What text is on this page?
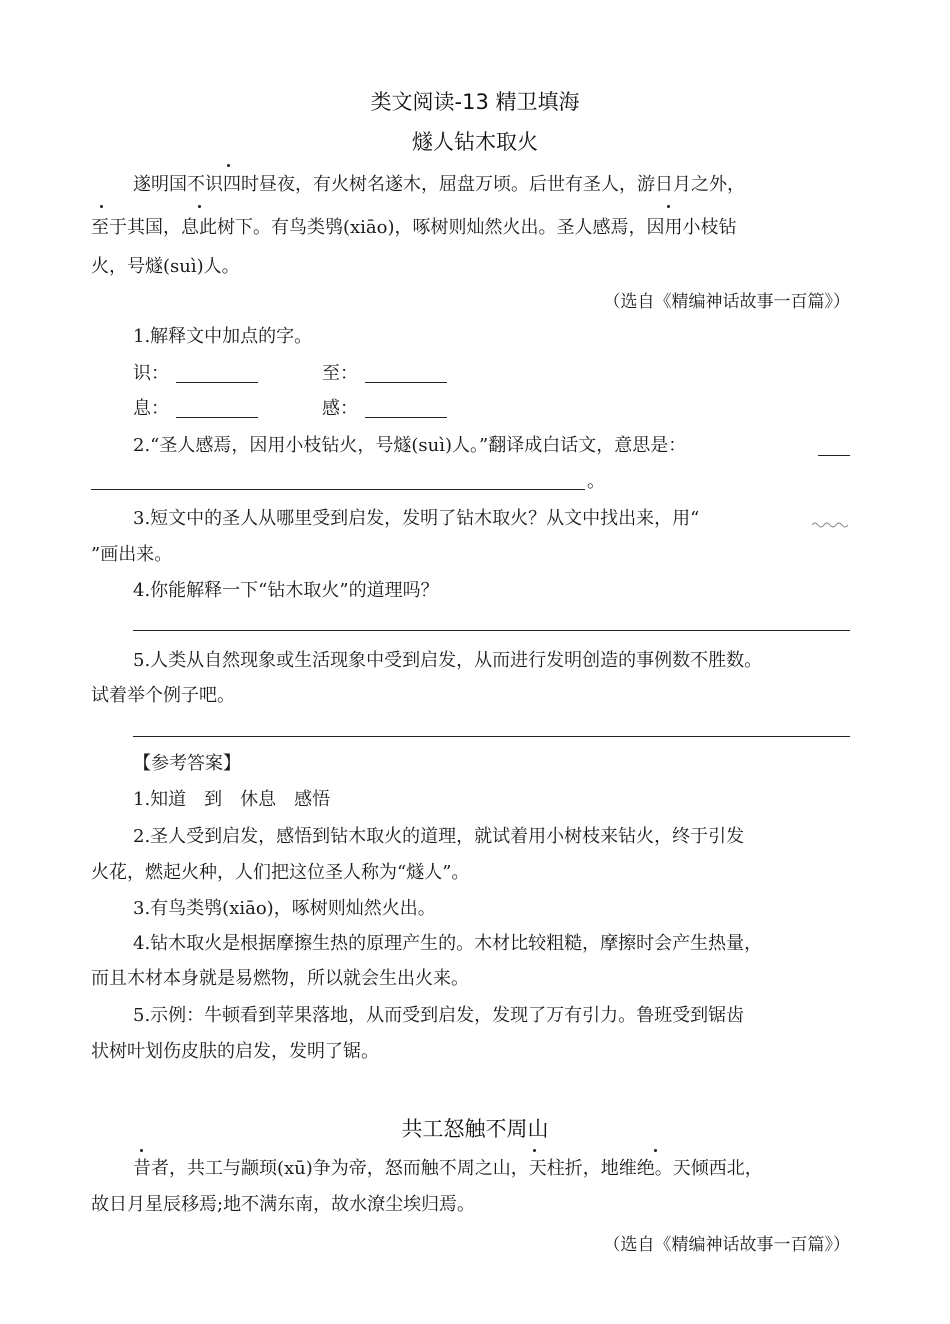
类文阅读-13 精卫填海
燧人钻木取火
遂明国不识四时昼夜，有火树名遂木，屈盘万顷。后世有圣人，游日月之外，
至于其国，息此树下。有鸟类鸮(xiāo)，啄树则灿然火出。圣人感焉，因用小枝钻
火，号燧(suì)人。
（选自《精编神话故事一百篇》）
1.解释文中加点的字。
识：	至：
息：	感：
2.“圣人感焉，因用小枝钻火，号燧(suì)人。”翻译成白话文，意思是：
。
3.短文中的圣人从哪里受到启发，发明了钻木取火？从文中找出来，用“
”画出来。
4.你能解释一下“钻木取火”的道理吗？
5.人类从自然现象或生活现象中受到启发，从而进行发明创造的事例数不胜数。
试着举个例子吧。
【参考答案】
1.知道　到　休息　感悟
2.圣人受到启发，感悟到钻木取火的道理，就试着用小树枝来钻火，终于引发
火花，燃起火种，人们把这位圣人称为“燧人”。
3.有鸟类鸮(xiāo)，啄树则灿然火出。
4.钻木取火是根据摩擦生热的原理产生的。木材比较粗糙，摩擦时会产生热量，
而且木材本身就是易燃物，所以就会生出火来。
5.示例：牛顿看到苹果落地，从而受到启发，发现了万有引力。鲁班受到锯齿
状树叶划伤皮肤的启发，发明了锯。
共工怒触不周山
昔者，共工与颛顼(xū)争为帝，怒而触不周之山，天柱折，地维绝。天倾西北，
故日月星辰移焉;地不满东南，故水潦尘埃归焉。
（选自《精编神话故事一百篇》）
